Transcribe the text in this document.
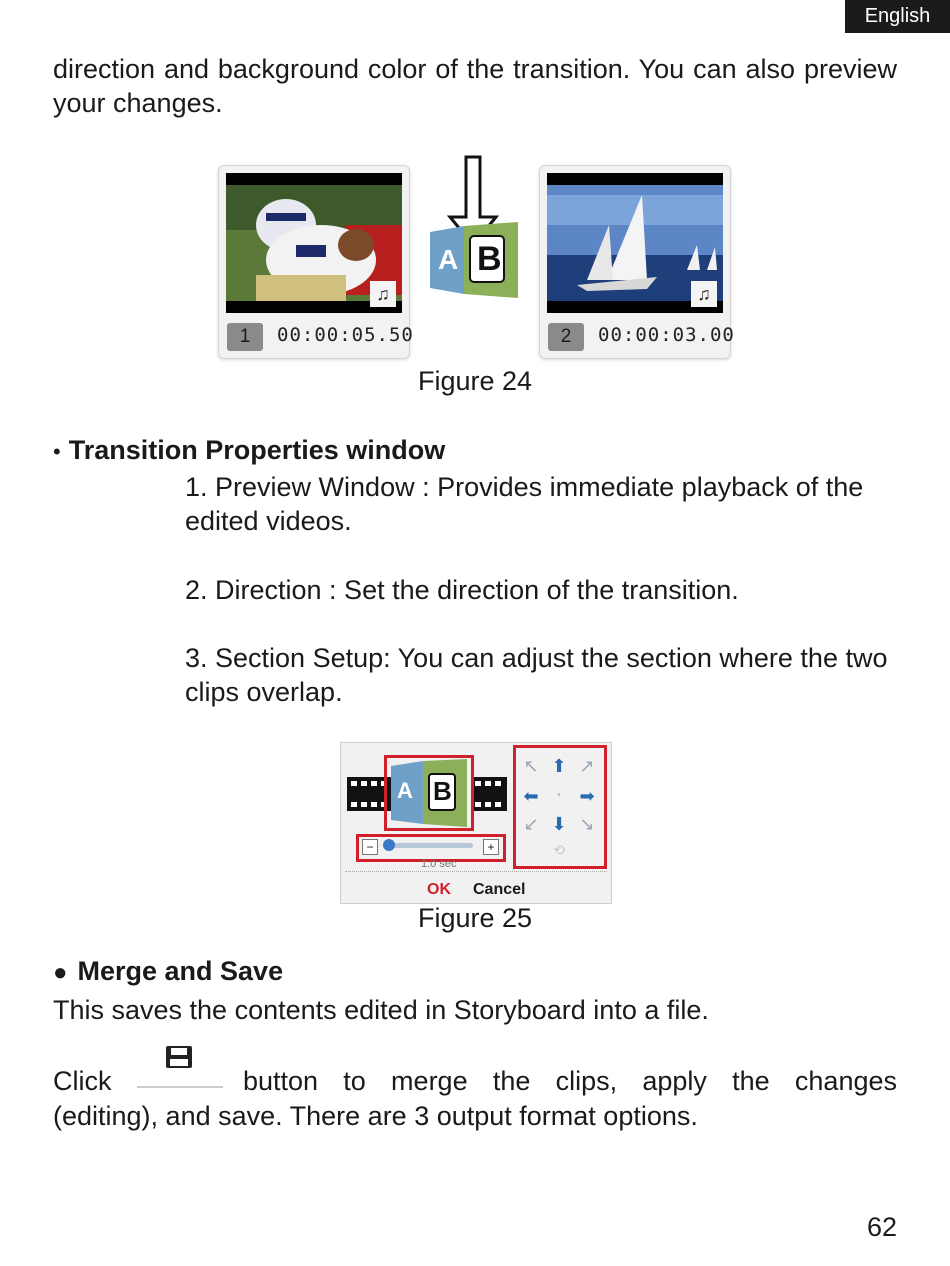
English
direction and background color of the transition. You can also preview your changes.
♫
1	00:00:05.50
A B
♫
2	00:00:03.00
Figure 24
• Transition Properties window
1. Preview Window : Provides immediate playback of the edited videos.
2. Direction : Set the direction of the transition.
3. Section Setup: You can adjust the section where the two clips overlap.
A B
−	+
1.0 sec
OK Cancel
↖ ⬆ ↗
⬅	•	➡
↙ ⬇ ↘
⟲
Figure 25
● Merge and Save
This saves the contents edited in Storyboard into a file.
Click	button to merge the clips, apply the changes
(editing), and save. There are 3 output format options.
62
